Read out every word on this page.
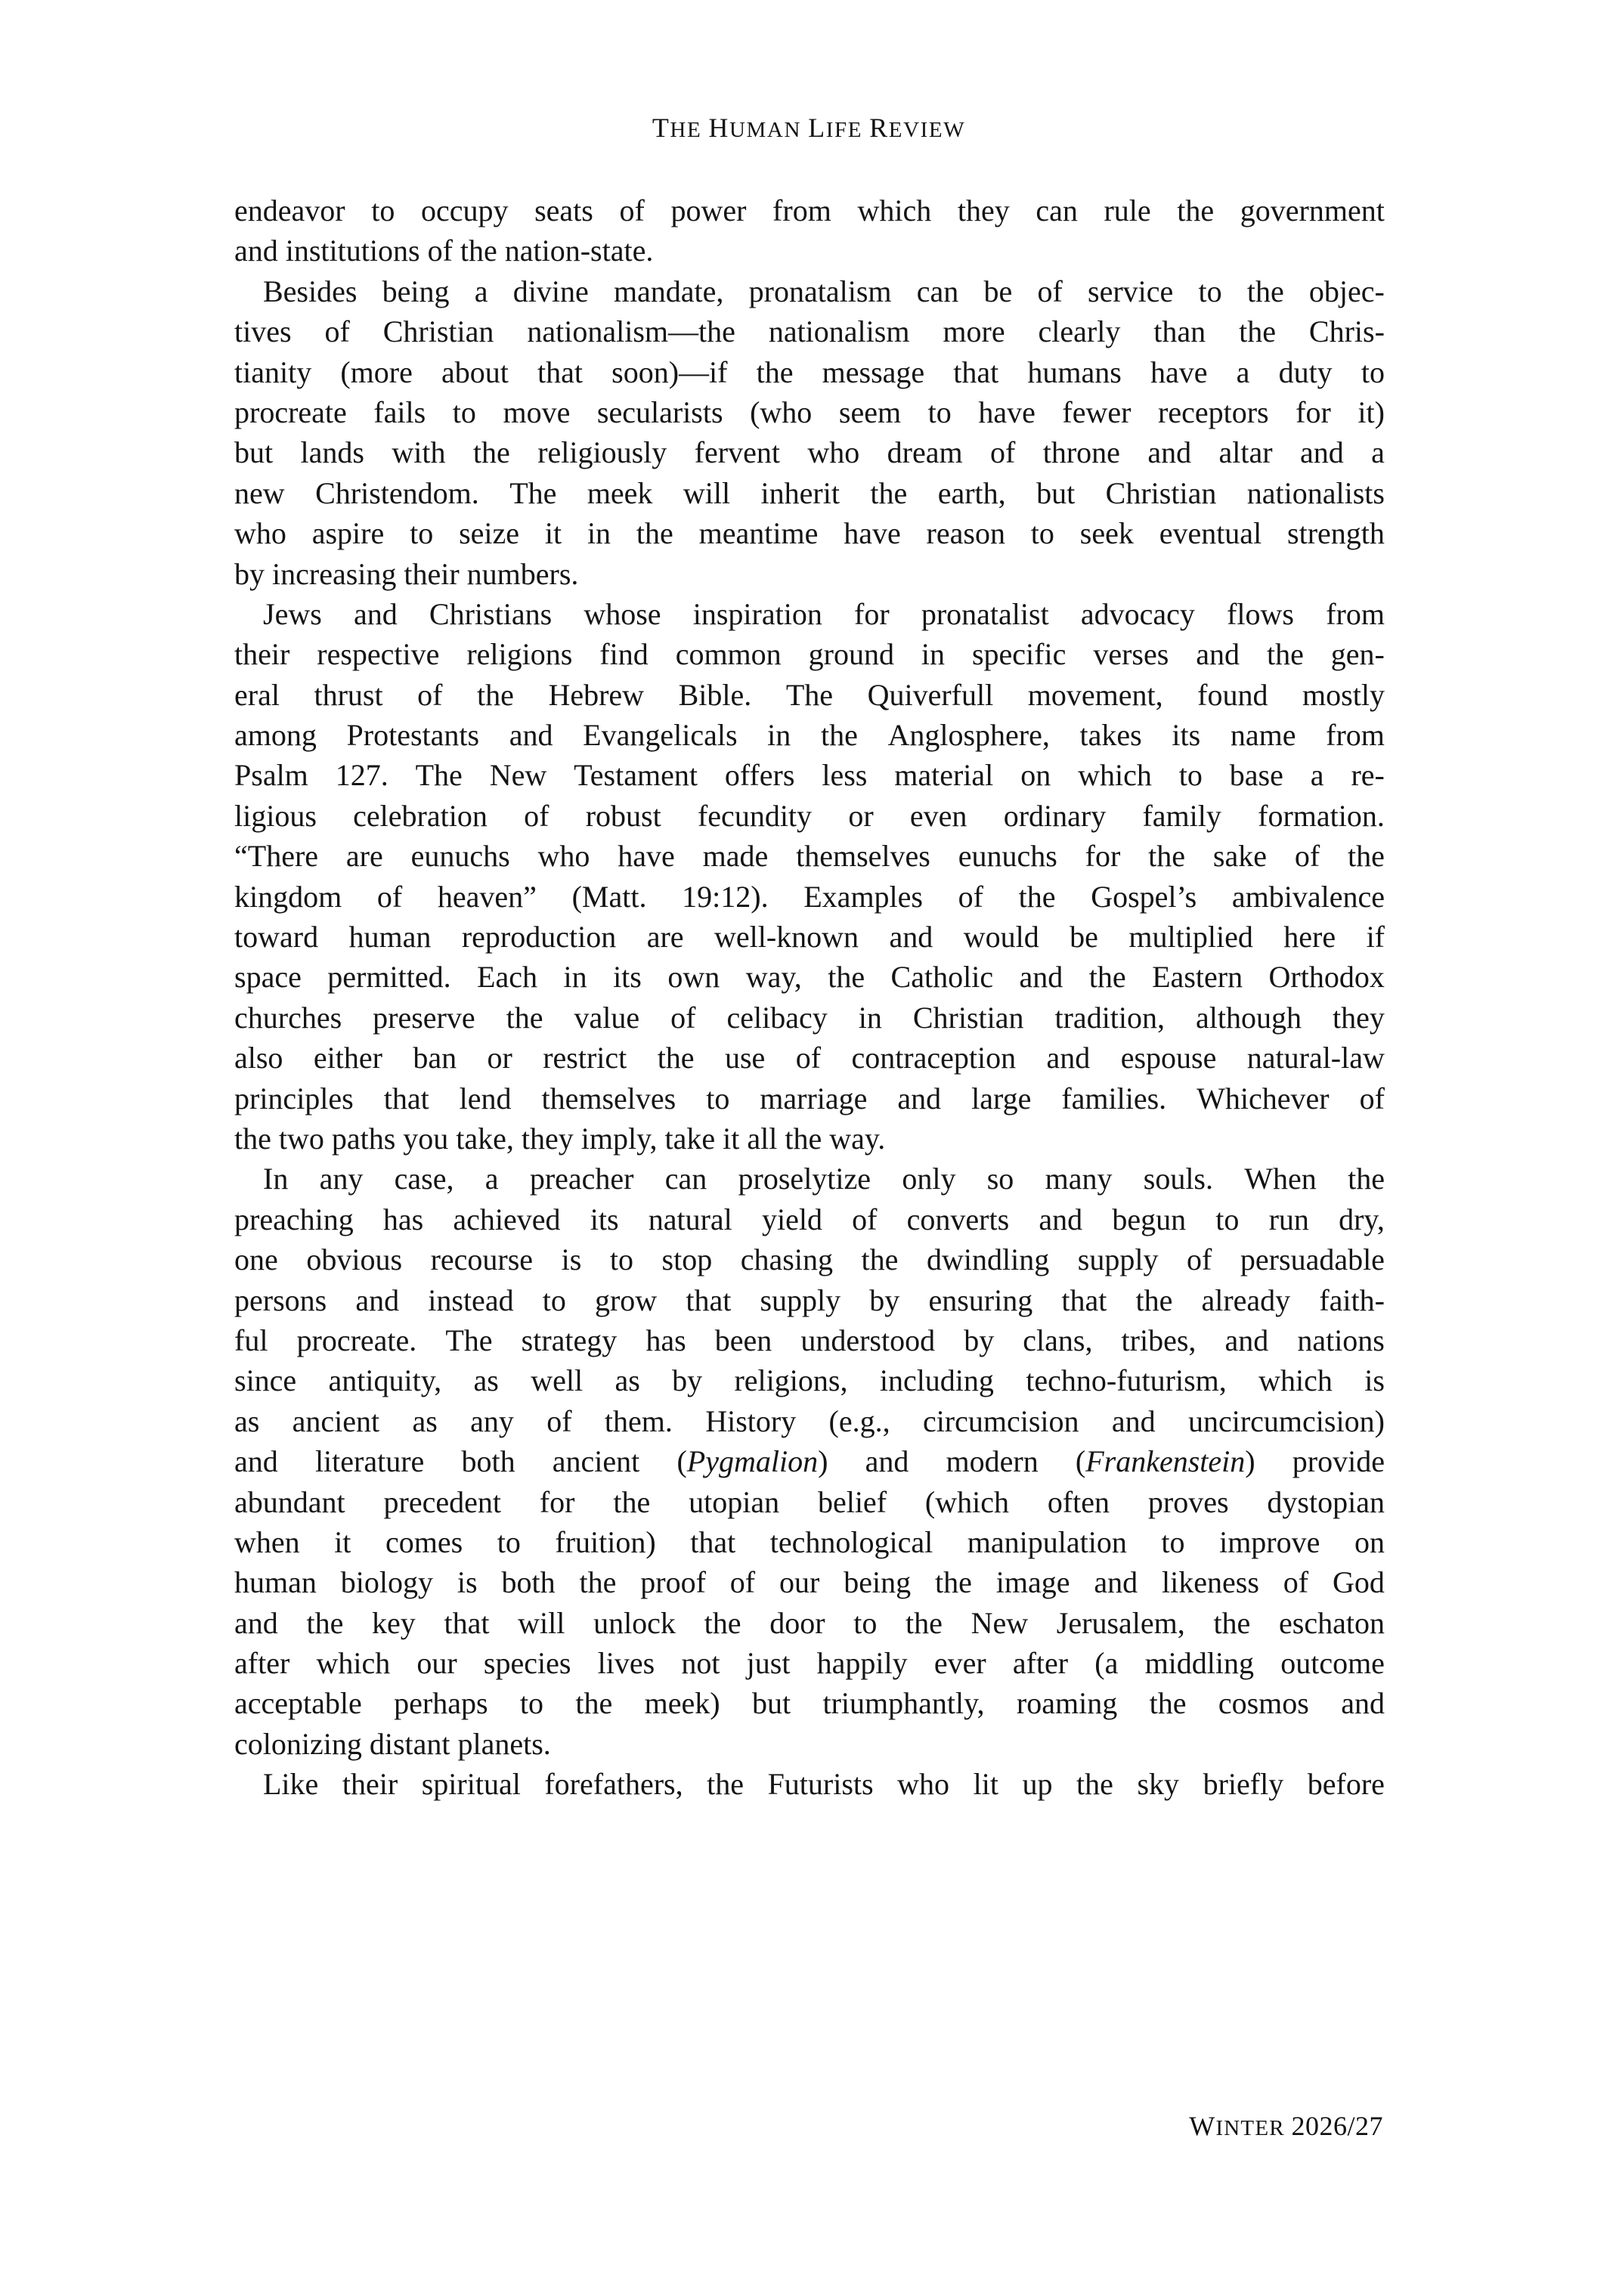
THE HUMAN LIFE REVIEW
endeavor to occupy seats of power from which they can rule the government
and institutions of the nation-state.
Besides being a divine mandate, pronatalism can be of service to the objec-
tives of Christian nationalism—the nationalism more clearly than the Chris-
tianity (more about that soon)—if the message that humans have a duty to
procreate fails to move secularists (who seem to have fewer receptors for it)
but lands with the religiously fervent who dream of throne and altar and a
new Christendom. The meek will inherit the earth, but Christian nationalists
who aspire to seize it in the meantime have reason to seek eventual strength
by increasing their numbers.
Jews and Christians whose inspiration for pronatalist advocacy flows from
their respective religions find common ground in specific verses and the gen-
eral thrust of the Hebrew Bible. The Quiverfull movement, found mostly
among Protestants and Evangelicals in the Anglosphere, takes its name from
Psalm 127. The New Testament offers less material on which to base a re-
ligious celebration of robust fecundity or even ordinary family formation.
“There are eunuchs who have made themselves eunuchs for the sake of the
kingdom of heaven” (Matt. 19:12). Examples of the Gospel’s ambivalence
toward human reproduction are well-known and would be multiplied here if
space permitted. Each in its own way, the Catholic and the Eastern Orthodox
churches preserve the value of celibacy in Christian tradition, although they
also either ban or restrict the use of contraception and espouse natural-law
principles that lend themselves to marriage and large families. Whichever of
the two paths you take, they imply, take it all the way.
In any case, a preacher can proselytize only so many souls. When the
preaching has achieved its natural yield of converts and begun to run dry,
one obvious recourse is to stop chasing the dwindling supply of persuadable
persons and instead to grow that supply by ensuring that the already faith-
ful procreate. The strategy has been understood by clans, tribes, and nations
since antiquity, as well as by religions, including techno-futurism, which is
as ancient as any of them. History (e.g., circumcision and uncircumcision)
and literature both ancient (Pygmalion) and modern (Frankenstein) provide
abundant precedent for the utopian belief (which often proves dystopian
when it comes to fruition) that technological manipulation to improve on
human biology is both the proof of our being the image and likeness of God
and the key that will unlock the door to the New Jerusalem, the eschaton
after which our species lives not just happily ever after (a middling outcome
acceptable perhaps to the meek) but triumphantly, roaming the cosmos and
colonizing distant planets.
Like their spiritual forefathers, the Futurists who lit up the sky briefly before
WINTER 2026/27
